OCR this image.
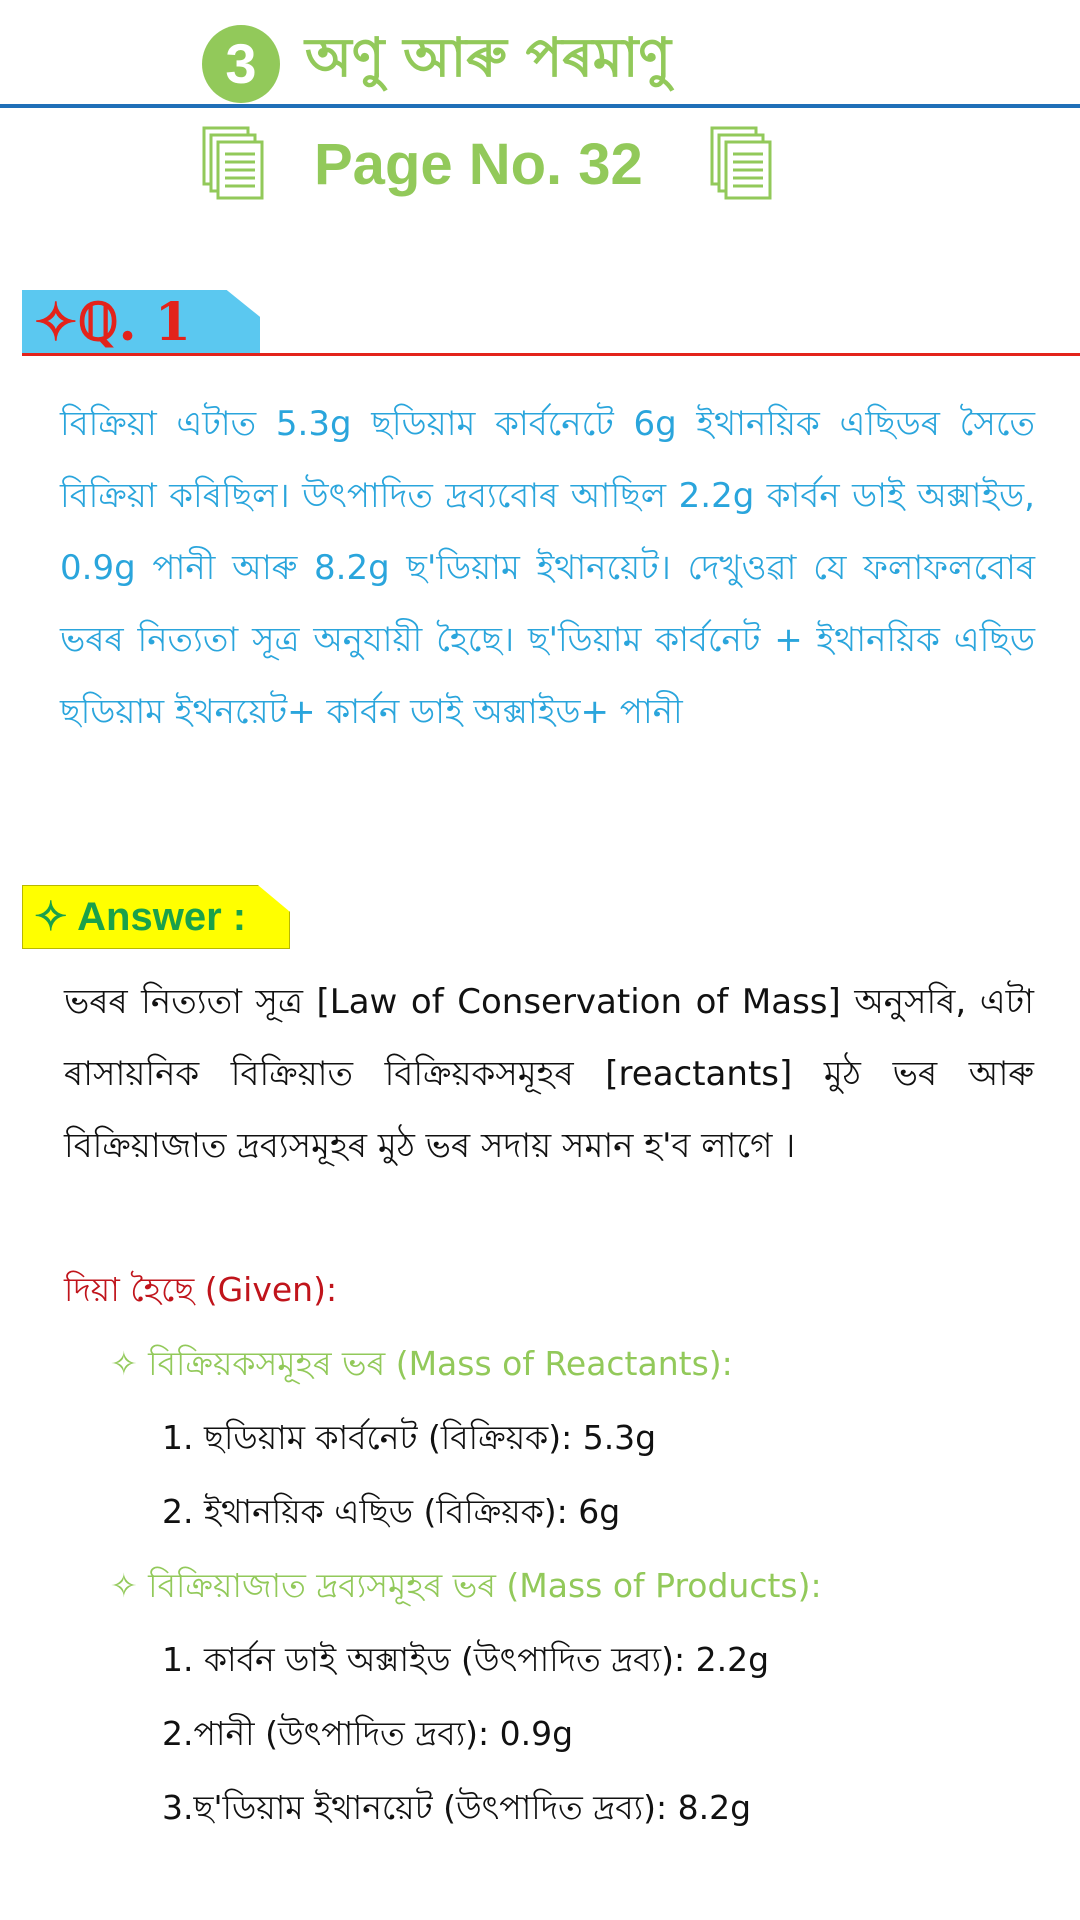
3 অণু আৰু পৰমাণু
Page No. 32
✧ℚ. 1

বিক্রিয়া এটাত 5.3g ছডিয়াম কাৰ্বনেটে 6g ইথানয়িক এছিডৰ সৈতে বিক্রিয়া কৰিছিল। উৎপাদিত দ্ৰব্যবোৰ আছিল 2.2g কাৰ্বন ডাই অক্সাইড, 0.9g পানী আৰু 8.2g ছ'ডিয়াম ইথানয়েট। দেখুওৱা যে ফলাফলবোৰ ভৰৰ নিত্যতা সূত্ৰ অনুযায়ী হৈছে। ছ'ডিয়াম কাৰ্বনেট + ইথানয়িক এছিড ছডিয়াম ইথনয়েট+ কাৰ্বন ডাই অক্সাইড+ পানী

✧ Answer :

ভৰৰ নিত্যতা সূত্ৰ [Law of Conservation of Mass] অনুসৰি, এটা ৰাসায়নিক বিক্ৰিয়াত বিক্রিয়কসমূহৰ [reactants] মুঠ ভৰ আৰু বিক্ৰিয়াজাত দ্রব্যসমূহৰ মুঠ ভৰ সদায় সমান হ'ব লাগে ।

দিয়া হৈছে (Given):
✧ বিক্রিয়কসমূহৰ ভৰ (Mass of Reactants):
1. ছডিয়াম কাৰ্বনেট (বিক্রিয়ক): 5.3g
2. ইথানয়িক এছিড (বিক্রিয়ক): 6g
✧ বিক্রিয়াজাত দ্রব্যসমূহৰ ভৰ (Mass of Products):
1. কাৰ্বন ডাই অক্সাইড (উৎপাদিত দ্ৰব্য): 2.2g
2.পানী (উৎপাদিত দ্ৰব্য): 0.9g
3.ছ'ডিয়াম ইথানয়েট (উৎপাদিত দ্ৰব্য): 8.2g
